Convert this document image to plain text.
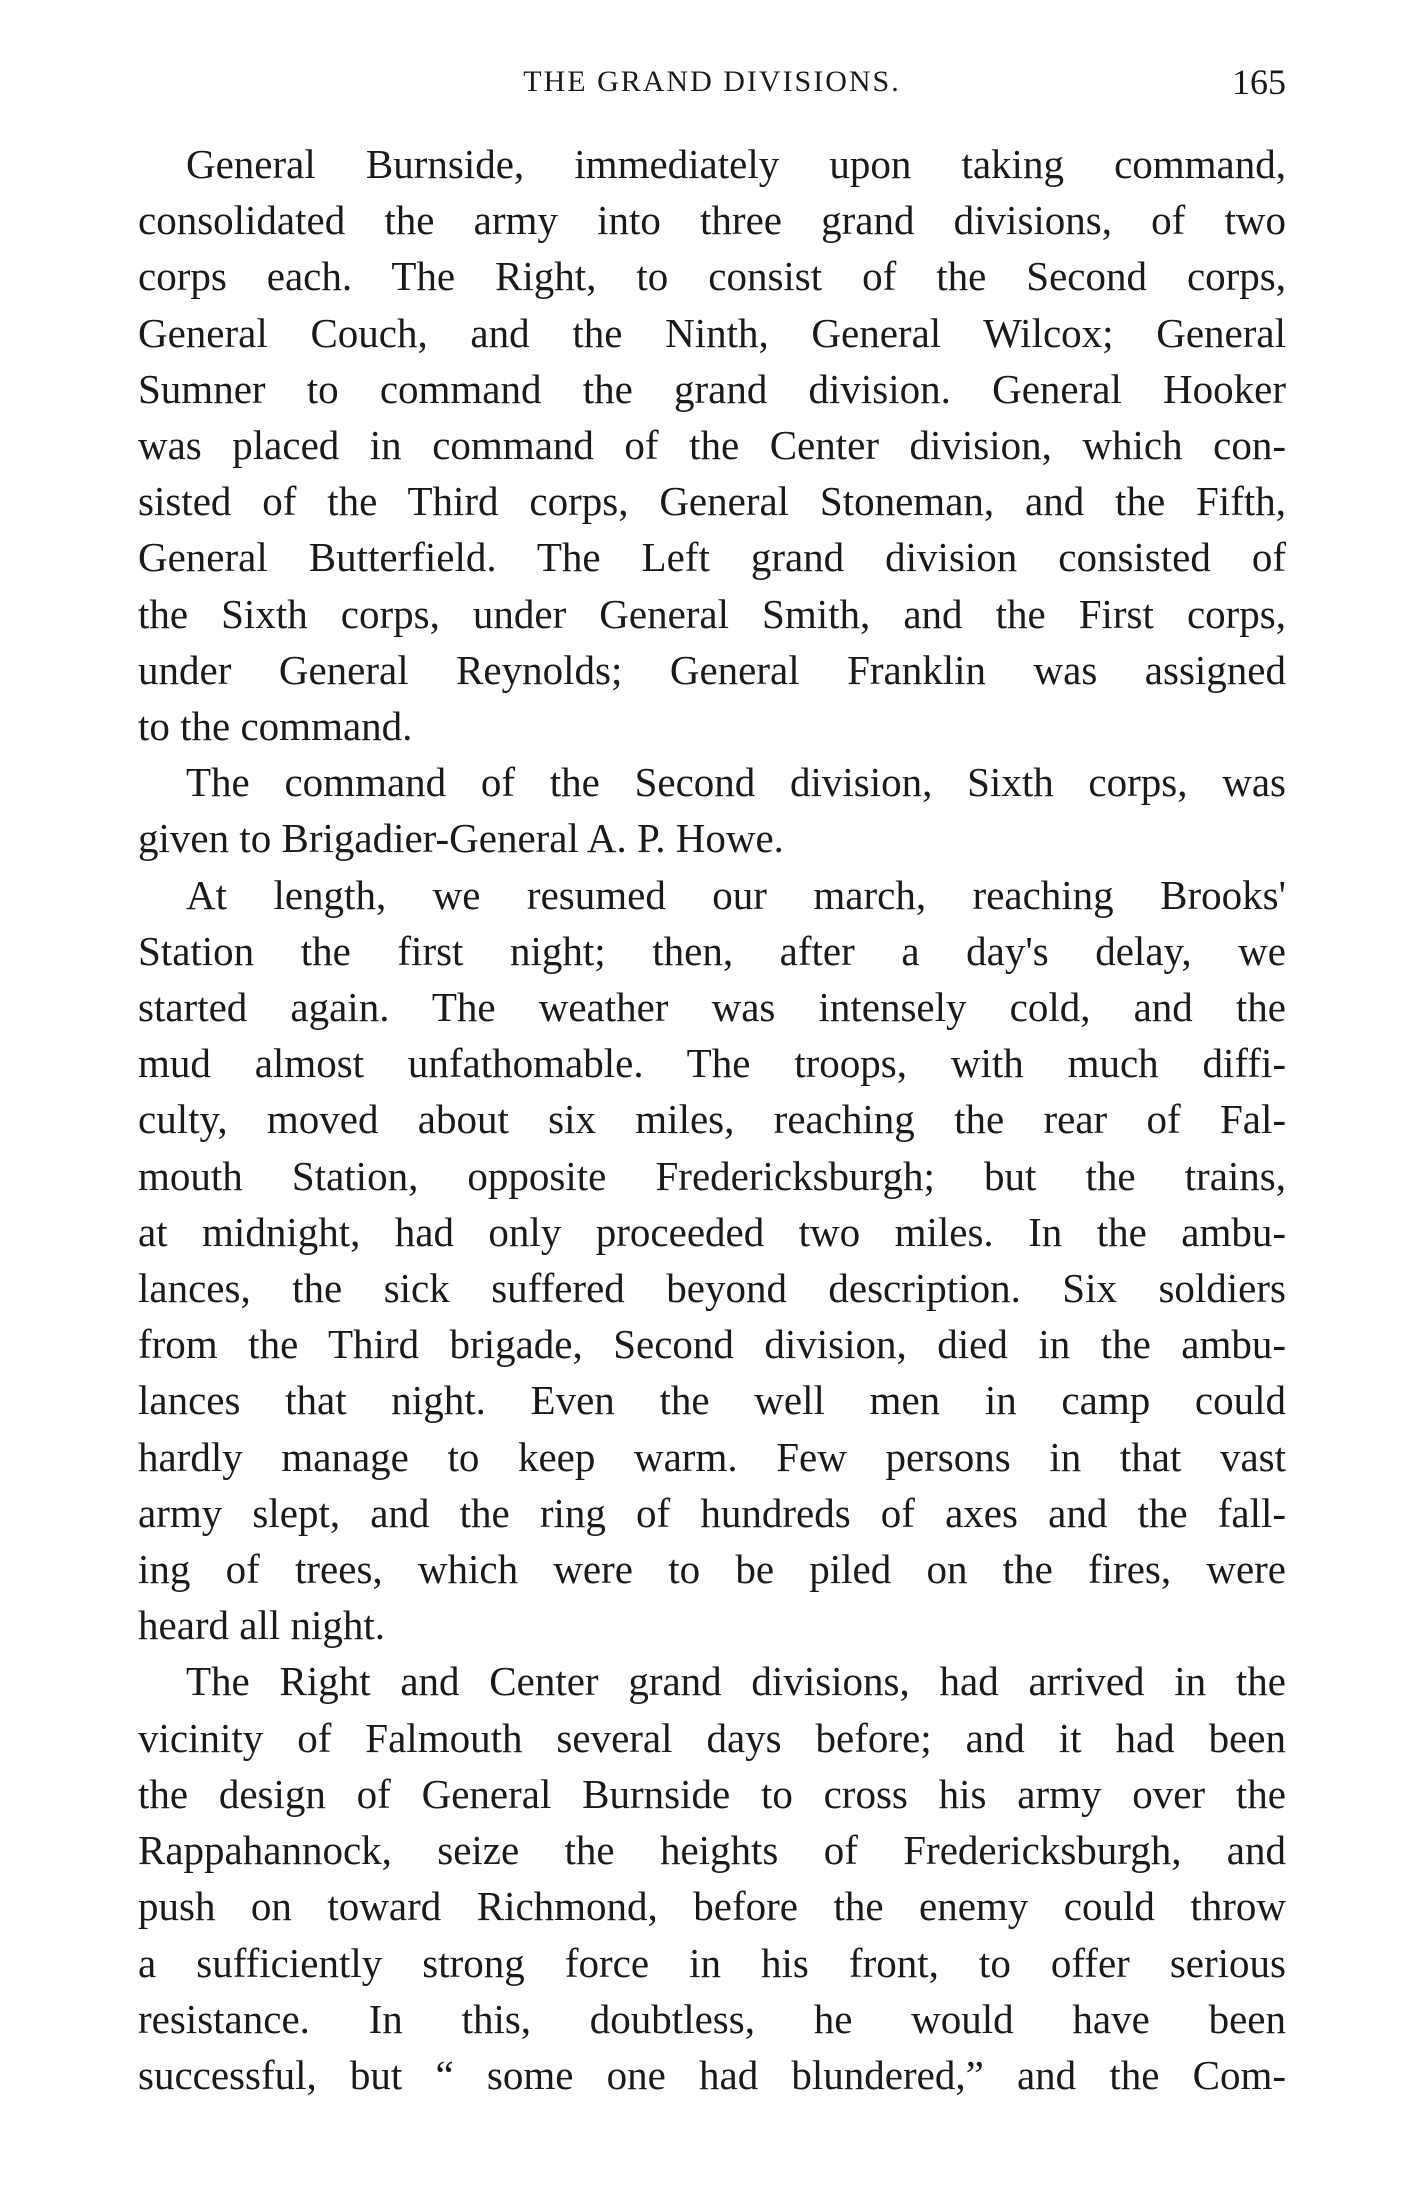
THE GRAND DIVISIONS.	165

General Burnside, immediately upon taking command,
consolidated the army into three grand divisions, of two
corps each. The Right, to consist of the Second corps,
General Couch, and the Ninth, General Wilcox; General
Sumner to command the grand division. General Hooker
was placed in command of the Center division, which con-
sisted of the Third corps, General Stoneman, and the Fifth,
General Butterfield. The Left grand division consisted of
the Sixth corps, under General Smith, and the First corps,
under General Reynolds; General Franklin was assigned
to the command.

The command of the Second division, Sixth corps, was
given to Brigadier-General A. P. Howe.

At length, we resumed our march, reaching Brooks'
Station the first night; then, after a day's delay, we
started again. The weather was intensely cold, and the
mud almost unfathomable. The troops, with much diffi-
culty, moved about six miles, reaching the rear of Fal-
mouth Station, opposite Fredericksburgh; but the trains,
at midnight, had only proceeded two miles. In the ambu-
lances, the sick suffered beyond description. Six soldiers
from the Third brigade, Second division, died in the ambu-
lances that night. Even the well men in camp could
hardly manage to keep warm. Few persons in that vast
army slept, and the ring of hundreds of axes and the fall-
ing of trees, which were to be piled on the fires, were
heard all night.

The Right and Center grand divisions, had arrived in the
vicinity of Falmouth several days before; and it had been
the design of General Burnside to cross his army over the
Rappahannock, seize the heights of Fredericksburgh, and
push on toward Richmond, before the enemy could throw
a sufficiently strong force in his front, to offer serious
resistance. In this, doubtless, he would have been
successful, but “ some one had blundered,” and the Com-
